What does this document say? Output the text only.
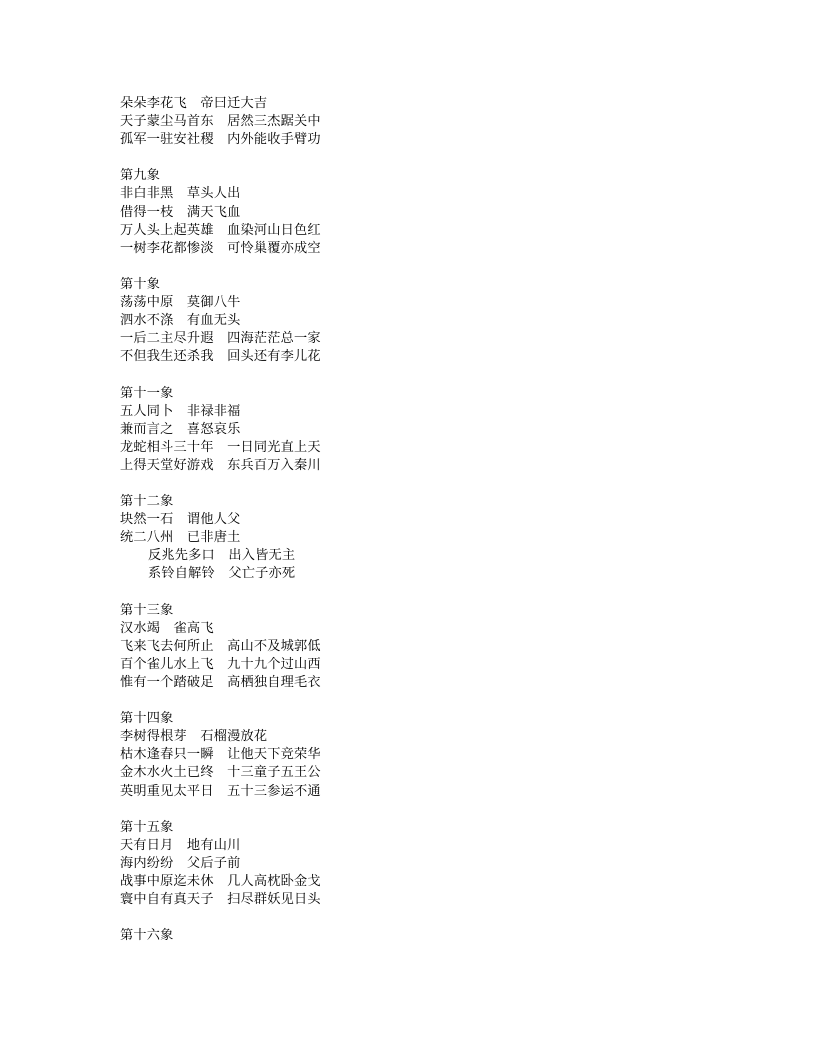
朵朵李花飞　帝曰迁大吉
天子蒙尘马首东　居然三杰踞关中
孤军一驻安社稷　内外能收手臂功
第九象
非白非黑　草头人出
借得一枝　满天飞血
万人头上起英雄　血染河山日色红
一树李花都惨淡　可怜巢覆亦成空
第十象
荡荡中原　莫御八牛
泗水不涤　有血无头
一后二主尽升遐　四海茫茫总一家
不但我生还杀我　回头还有李儿花
第十一象
五人同卜　非禄非福
兼而言之　喜怒哀乐
龙蛇相斗三十年　一日同光直上天
上得天堂好游戏　东兵百万入秦川
第十二象
块然一石　谓他人父
统二八州　已非唐土
反兆先多口　出入皆无主
系铃自解铃　父亡子亦死
第十三象
汉水竭　雀高飞
飞来飞去何所止　高山不及城郭低
百个雀儿水上飞　九十九个过山西
惟有一个踏破足　高栖独自理毛衣
第十四象
李树得根芽　石榴漫放花
枯木逢春只一瞬　让他天下竞荣华
金木水火土已终　十三童子五王公
英明重见太平日　五十三参运不通
第十五象
天有日月　地有山川
海内纷纷　父后子前
战事中原迄未休　几人高枕卧金戈
寰中自有真天子　扫尽群妖见日头
第十六象
